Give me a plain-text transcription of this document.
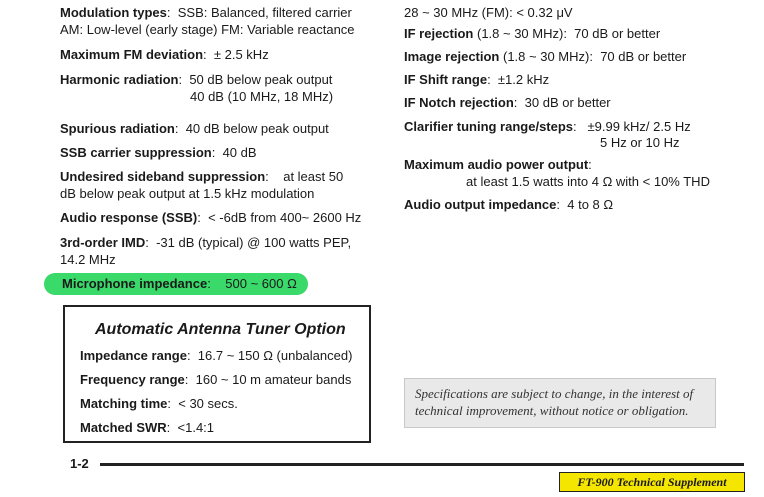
Modulation types:  SSB: Balanced, filtered carrier
AM: Low-level (early stage) FM: Variable reactance
Maximum FM deviation:  ± 2.5 kHz
Harmonic radiation:  50 dB below peak output
40 dB (10 MHz, 18 MHz)
Spurious radiation:  40 dB below peak output
SSB carrier suppression:  40 dB
Undesired sideband suppression:    at least 50
dB below peak output at 1.5 kHz modulation
Audio response (SSB):  < -6dB from 400~ 2600 Hz
3rd-order IMD:  -31 dB (typical) @ 100 watts PEP,
14.2 MHz
Microphone impedance:    500 ~ 600 Ω
Automatic Antenna Tuner Option
Impedance range:  16.7 ~ 150 Ω (unbalanced)
Frequency range:  160 ~ 10 m amateur bands
Matching time:  < 30 secs.
Matched SWR:  <1.4:1
28 ~ 30 MHz (FM): < 0.32 μV
IF rejection (1.8 ~ 30 MHz):  70 dB or better
Image rejection (1.8 ~ 30 MHz):  70 dB or better
IF Shift range:  ±1.2 kHz
IF Notch rejection:  30 dB or better
Clarifier tuning range/steps:   ±9.99 kHz/ 2.5 Hz
5 Hz or 10 Hz
Maximum audio power output:
at least 1.5 watts into 4 Ω with < 10% THD
Audio output impedance:  4 to 8 Ω
Specifications are subject to change, in the interest of
technical improvement, without notice or obligation.
1-2
FT-900 Technical Supplement
